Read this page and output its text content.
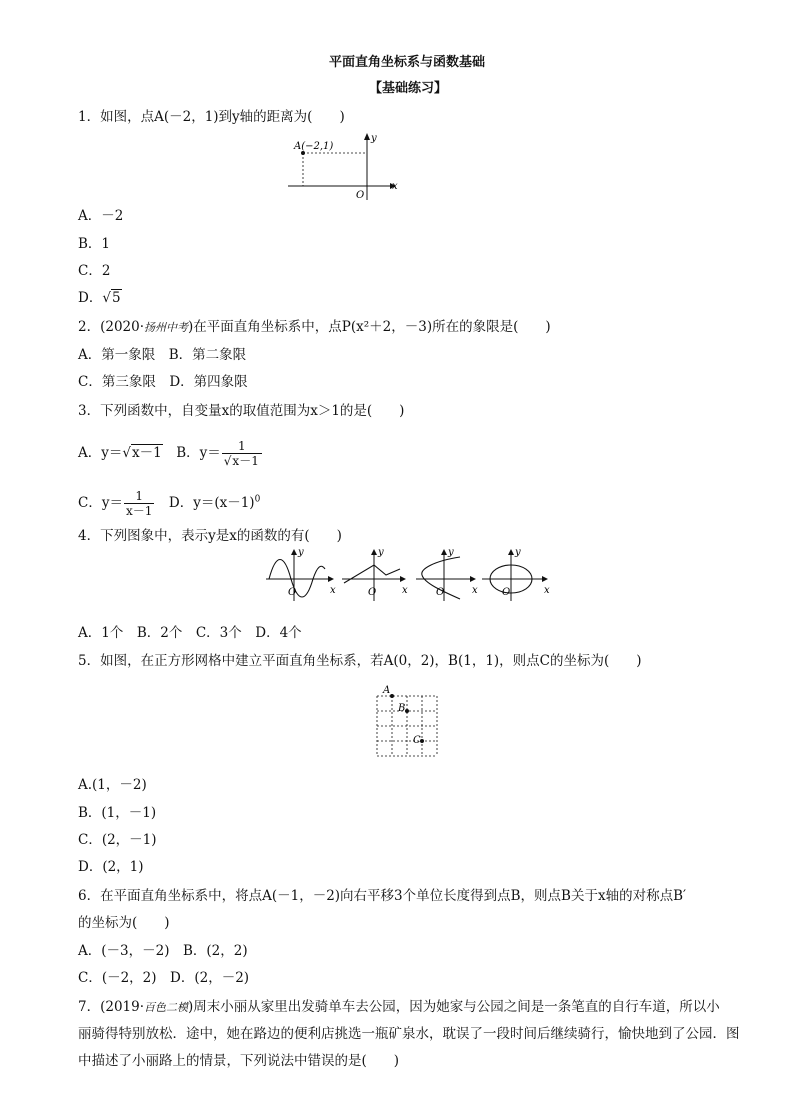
平面直角坐标系与函数基础
【基础练习】
1．如图，点A(－2，1)到y轴的距离为(　　)
A(−2,1)
y
x
O
A．－2
B．1
C．2
D．√5
2．(2020·扬州中考)在平面直角坐标系中，点P(x²＋2，－3)所在的象限是(　　)
A．第一象限　B．第二象限
C．第三象限　D．第四象限
3．下列函数中，自变量x的取值范围为x＞1的是(　　)
A．y＝√x－1　B．$y= \frac{1}{√x-1}$
C．$y= \frac{1}{x-1}$ 　D．$y=(x-1)^0$
4．下列图象中，表示y是x的函数的有(　　)
y
x
O
y
x
O
y
x
O
y
x
O
A．1个　B．2个　C．3个　D．4个
5．如图，在正方形网格中建立平面直角坐标系，若A(0，2)，B(1，1)，则点C的坐标为(　　)
A
B
C
A.(1，－2)
B．(1，－1)
C．(2，－1)
D．(2，1)
6．在平面直角坐标系中，将点A(－1，－2)向右平移3个单位长度得到点B，则点B关于x轴的对称点B′
的坐标为(　　)
A．(－3，－2)　B．(2，2)
C．(－2，2)　D．(2，－2)
7．(2019·百色二模)周末小丽从家里出发骑单车去公园，因为她家与公园之间是一条笔直的自行车道，所以小
丽骑得特别放松．途中，她在路边的便利店挑选一瓶矿泉水，耽误了一段时间后继续骑行，愉快地到了公园．图
中描述了小丽路上的情景，下列说法中错误的是(　　)
